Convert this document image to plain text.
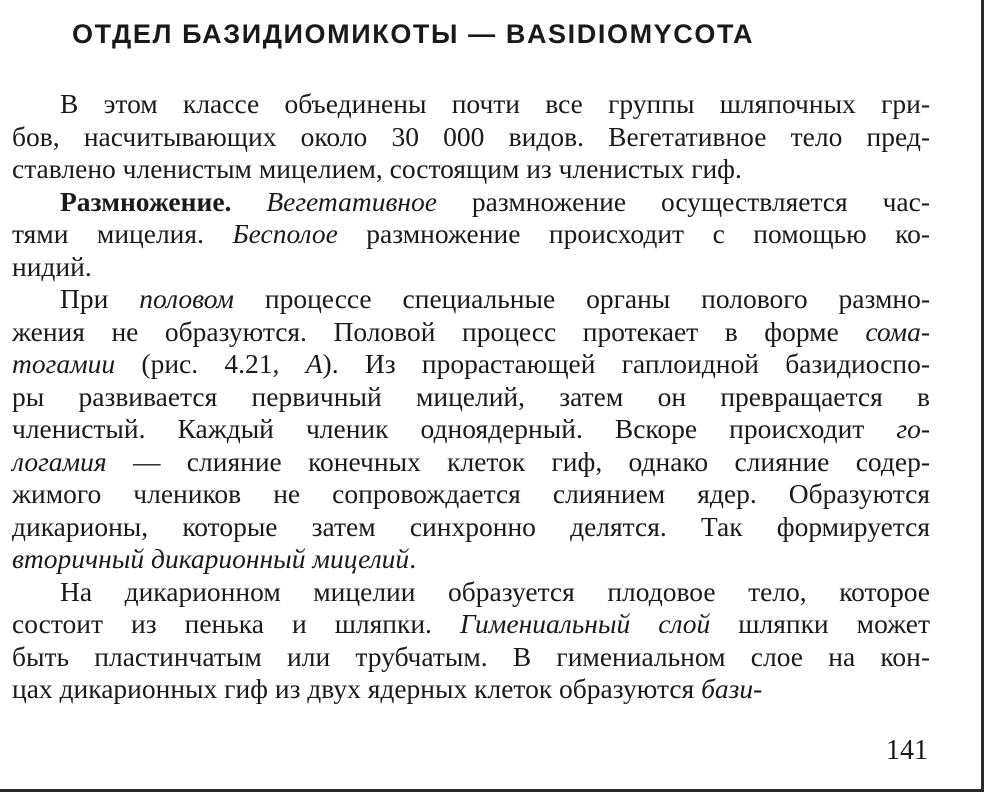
ОТДЕЛ БАЗИДИОМИКОТЫ — BASIDIOMYCOTA
В этом классе объединены почти все группы шляпочных гри-
бов, насчитывающих около 30 000 видов. Вегетативное тело пред-
ставлено членистым мицелием, состоящим из членистых гиф.
Размножение. Вегетативное размножение осуществляется час-
тями мицелия. Бесполое размножение происходит с помощью ко-
нидий.
При половом процессе специальные органы полового размно-
жения не образуются. Половой процесс протекает в форме сома-
тогамии (рис. 4.21, А). Из прорастающей гаплоидной базидиоспо-
ры развивается первичный мицелий, затем он превращается в
членистый. Каждый членик одноядерный. Вскоре происходит го-
логамия — слияние конечных клеток гиф, однако слияние содер-
жимого члеников не сопровождается слиянием ядер. Образуются
дикарионы, которые затем синхронно делятся. Так формируется
вторичный дикарионный мицелий.
На дикарионном мицелии образуется плодовое тело, которое
состоит из пенька и шляпки. Гимениальный слой шляпки может
быть пластинчатым или трубчатым. В гимениальном слое на кон-
цах дикарионных гиф из двух ядерных клеток образуются бази-
141
